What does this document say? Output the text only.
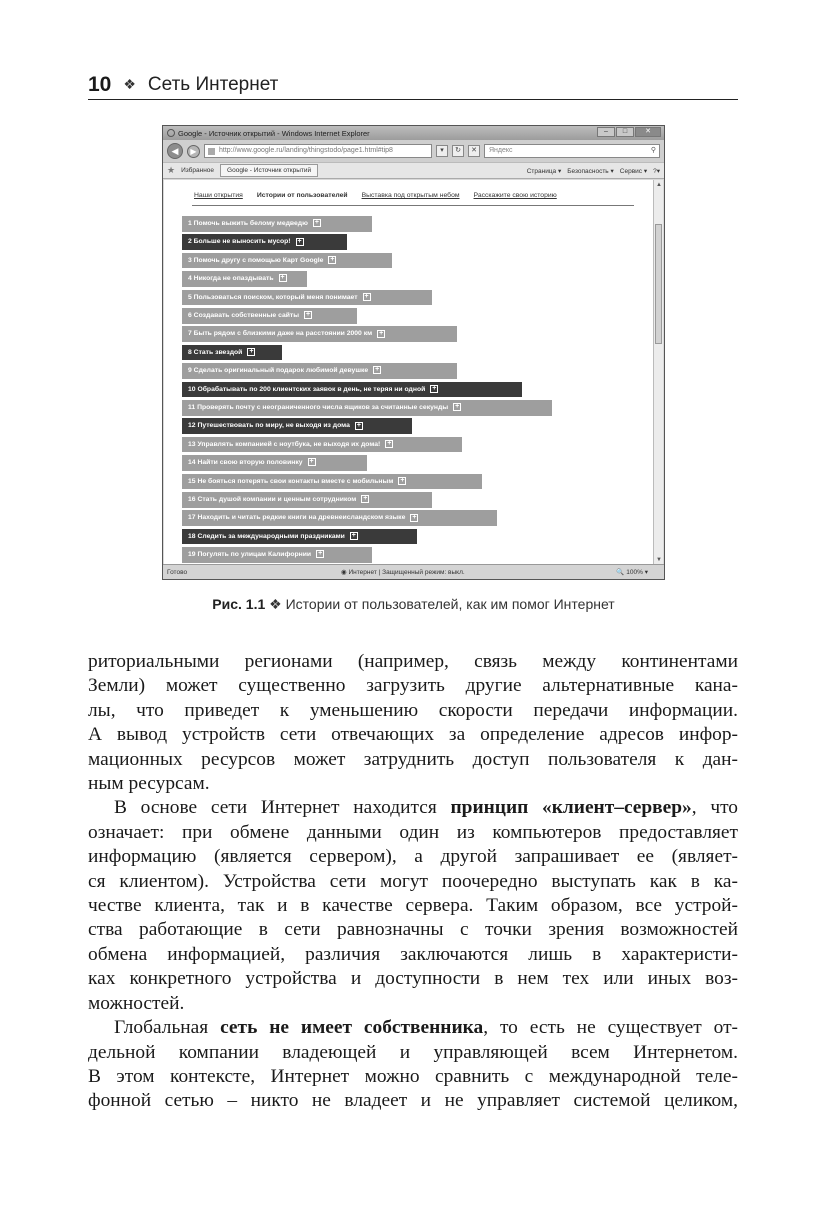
10 ❖ Сеть Интернет
Google - Источник открытий - Windows Internet Explorer	–	□	✕
◀	▶	http://www.google.ru/landing/thingstodo/page1.html#tip8	▾	↻	✕	Яндекс	⚲
★ Избранное	Google - Источник открытий	Страница ▾ Безопасность ▾ Сервис ▾ ?▾
Наши открытия Истории от пользователей Выставка под открытым небом Расскажите свою историю
1 Помочь выжить белому медведю +
2 Больше не выносить мусор! +
3 Помочь другу с помощью Карт Google +
4 Никогда не опаздывать +
5 Пользоваться поиском, который меня понимает +
6 Создавать собственные сайты +
7 Быть рядом с близкими даже на расстоянии 2000 км +
8 Стать звездой +
9 Сделать оригинальный подарок любимой девушке +
10 Обрабатывать по 200 клиентских заявок в день, не теряя ни одной +
11 Проверять почту с неограниченного числа ящиков за считанные секунды +
12 Путешествовать по миру, не выходя из дома +
13 Управлять компанией с ноутбука, не выходя их дома! +
14 Найти свою вторую половинку +
15 Не бояться потерять свои контакты вместе с мобильным +
16 Стать душой компании и ценным сотрудником +
17 Находить и читать редкие книги на древнеисландском языке +
18 Следить за международными праздниками +
19 Погулять по улицам Калифорнии +
▲
▼
Готово	◉ Интернет | Защищенный режим: выкл.	🔍 100% ▾
Рис. 1.1 ❖ Истории от пользователей, как им помог Интернет

риториальными регионами (например, связь между континентами
Земли) может существенно загрузить другие альтернативные кана-
лы, что приведет к уменьшению скорости передачи информации.
А вывод устройств сети отвечающих за определение адресов инфор-
мационных ресурсов может затруднить доступ пользователя к дан-
ным ресурсам.

В основе сети Интернет находится принцип «клиент–сервер», что
означает: при обмене данными один из компьютеров предоставляет
информацию (является сервером), а другой запрашивает ее (являет-
ся клиентом). Устройства сети могут поочередно выступать как в ка-
честве клиента, так и в качестве сервера. Таким образом, все устрой-
ства работающие в сети равнозначны с точки зрения возможностей
обмена информацией, различия заключаются лишь в характеристи-
ках конкретного устройства и доступности в нем тех или иных воз-
можностей.

Глобальная сеть не имеет собственника, то есть не существует от-
дельной компании владеющей и управляющей всем Интернетом.
В этом контексте, Интернет можно сравнить с международной теле-
фонной сетью – никто не владеет и не управляет системой целиком,
